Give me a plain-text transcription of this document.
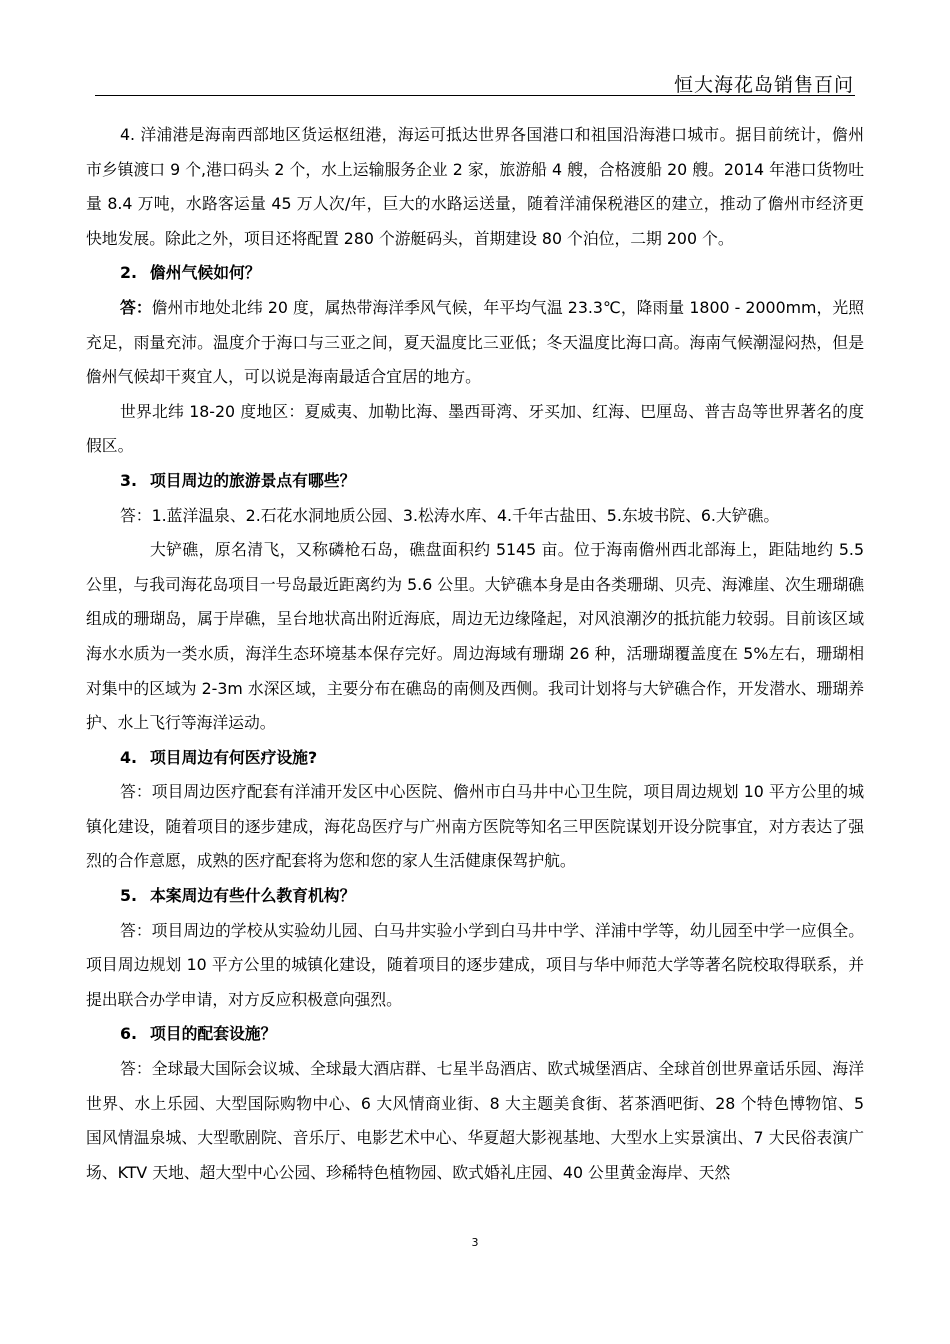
恒大海花岛销售百问

4. 洋浦港是海南西部地区货运枢纽港，海运可抵达世界各国港口和祖国沿海港口城市。据目前统计，儋州市乡镇渡口 9 个,港口码头 2 个，水上运输服务企业 2 家，旅游船 4 艘，合格渡船 20 艘。2014 年港口货物吐量 8.4 万吨，水路客运量 45 万人次/年，巨大的水路运送量，随着洋浦保税港区的建立，推动了儋州市经济更快地发展。除此之外，项目还将配置 280 个游艇码头，首期建设 80 个泊位，二期 200 个。

2. 儋州气候如何？

答：儋州市地处北纬 20 度，属热带海洋季风气候，年平均气温 23.3℃，降雨量 1800 - 2000mm，光照充足，雨量充沛。温度介于海口与三亚之间，夏天温度比三亚低；冬天温度比海口高。海南气候潮湿闷热，但是儋州气候却干爽宜人，可以说是海南最适合宜居的地方。

世界北纬 18-20 度地区：夏威夷、加勒比海、墨西哥湾、牙买加、红海、巴厘岛、普吉岛等世界著名的度假区。

3. 项目周边的旅游景点有哪些？

答：1.蓝洋温泉、2.石花水洞地质公园、3.松涛水库、4.千年古盐田、5.东坡书院、6.大铲礁。

大铲礁，原名清飞，又称磷枪石岛，礁盘面积约 5145 亩。位于海南儋州西北部海上，距陆地约 5.5 公里，与我司海花岛项目一号岛最近距离约为 5.6 公里。大铲礁本身是由各类珊瑚、贝壳、海滩崖、次生珊瑚礁组成的珊瑚岛，属于岸礁，呈台地状高出附近海底，周边无边缘隆起，对风浪潮汐的抵抗能力较弱。目前该区域海水水质为一类水质，海洋生态环境基本保存完好。周边海域有珊瑚 26 种，活珊瑚覆盖度在 5%左右，珊瑚相对集中的区域为 2-3m 水深区域，主要分布在礁岛的南侧及西侧。我司计划将与大铲礁合作，开发潜水、珊瑚养护、水上飞行等海洋运动。

4. 项目周边有何医疗设施?

答：项目周边医疗配套有洋浦开发区中心医院、儋州市白马井中心卫生院，项目周边规划 10 平方公里的城镇化建设，随着项目的逐步建成，海花岛医疗与广州南方医院等知名三甲医院谋划开设分院事宜，对方表达了强烈的合作意愿，成熟的医疗配套将为您和您的家人生活健康保驾护航。

5. 本案周边有些什么教育机构？

答：项目周边的学校从实验幼儿园、白马井实验小学到白马井中学、洋浦中学等，幼儿园至中学一应俱全。项目周边规划 10 平方公里的城镇化建设，随着项目的逐步建成，项目与华中师范大学等著名院校取得联系，并提出联合办学申请，对方反应积极意向强烈。

6. 项目的配套设施？

答：全球最大国际会议城、全球最大酒店群、七星半岛酒店、欧式城堡酒店、全球首创世界童话乐园、海洋世界、水上乐园、大型国际购物中心、6 大风情商业街、8 大主题美食街、茗茶酒吧街、28 个特色博物馆、5 国风情温泉城、大型歌剧院、音乐厅、电影艺术中心、华夏超大影视基地、大型水上实景演出、7 大民俗表演广场、KTV 天地、超大型中心公园、珍稀特色植物园、欧式婚礼庄园、40 公里黄金海岸、天然

3
